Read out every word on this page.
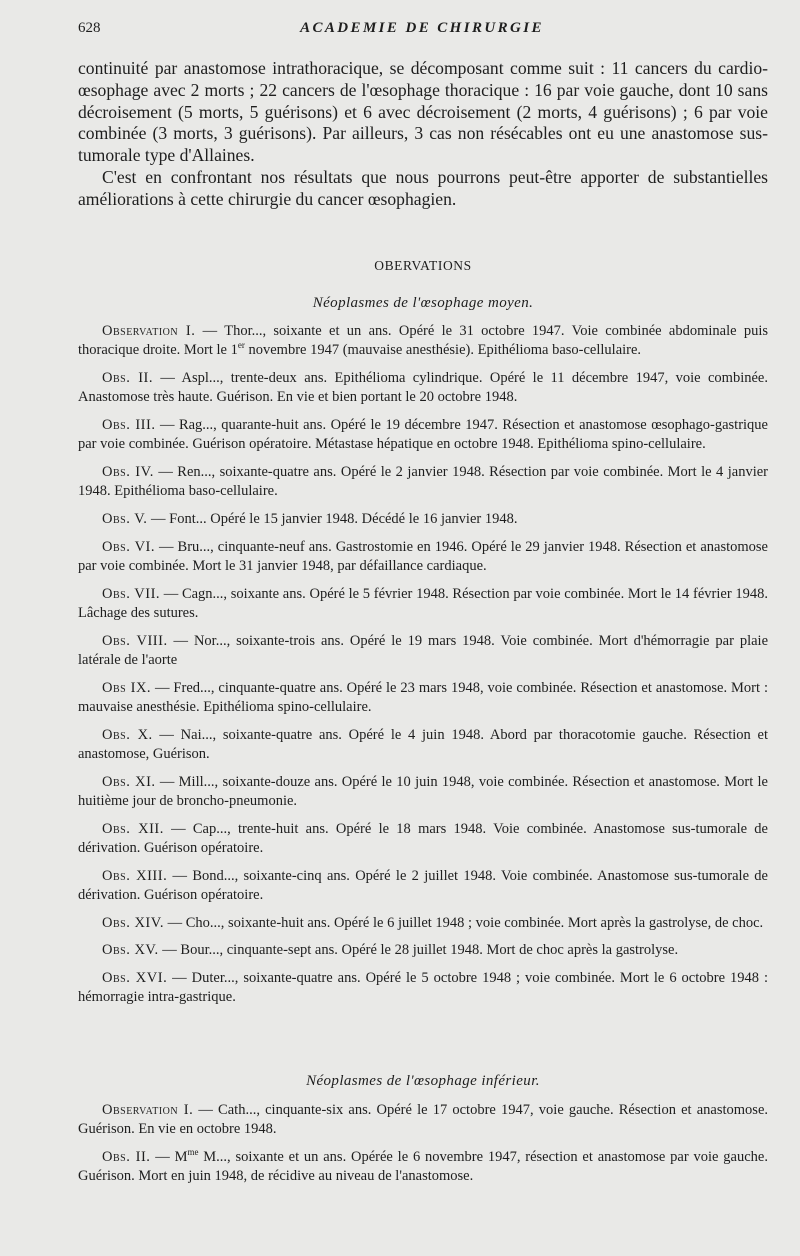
628	ACADEMIE DE CHIRURGIE

continuité par anastomose intrathoracique, se décomposant comme suit : 11 cancers du cardio-œsophage avec 2 morts ; 22 cancers de l'œsophage thoracique : 16 par voie gauche, dont 10 sans décroisement (5 morts, 5 guérisons) et 6 avec décroisement (2 morts, 4 guérisons) ; 6 par voie combinée (3 morts, 3 guérisons). Par ailleurs, 3 cas non résécables ont eu une anastomose sus-tumorale type d'Allaines.

C'est en confrontant nos résultats que nous pourrons peut-être apporter de substantielles améliorations à cette chirurgie du cancer œsophagien.

OBERVATIONS
Néoplasmes de l'œsophage moyen.

Observation I. — Thor..., soixante et un ans. Opéré le 31 octobre 1947. Voie combinée abdominale puis thoracique droite. Mort le 1er novembre 1947 (mauvaise anesthésie). Epithélioma baso-cellulaire.

Obs. II. — Aspl..., trente-deux ans. Epithélioma cylindrique. Opéré le 11 décembre 1947, voie combinée. Anastomose très haute. Guérison. En vie et bien portant le 20 octobre 1948.

Obs. III. — Rag..., quarante-huit ans. Opéré le 19 décembre 1947. Résection et anastomose œsophago-gastrique par voie combinée. Guérison opératoire. Métastase hépatique en octobre 1948. Epithélioma spino-cellulaire.

Obs. IV. — Ren..., soixante-quatre ans. Opéré le 2 janvier 1948. Résection par voie combinée. Mort le 4 janvier 1948. Epithélioma baso-cellulaire.

Obs. V. — Font... Opéré le 15 janvier 1948. Décédé le 16 janvier 1948.

Obs. VI. — Bru..., cinquante-neuf ans. Gastrostomie en 1946. Opéré le 29 janvier 1948. Résection et anastomose par voie combinée. Mort le 31 janvier 1948, par défaillance cardiaque.

Obs. VII. — Cagn..., soixante ans. Opéré le 5 février 1948. Résection par voie combinée. Mort le 14 février 1948. Lâchage des sutures.

Obs. VIII. — Nor..., soixante-trois ans. Opéré le 19 mars 1948. Voie combinée. Mort d'hémorragie par plaie latérale de l'aorte

Obs IX. — Fred..., cinquante-quatre ans. Opéré le 23 mars 1948, voie combinée. Résection et anastomose. Mort : mauvaise anesthésie. Epithélioma spino-cellulaire.

Obs. X. — Nai..., soixante-quatre ans. Opéré le 4 juin 1948. Abord par thoracotomie gauche. Résection et anastomose, Guérison.

Obs. XI. — Mill..., soixante-douze ans. Opéré le 10 juin 1948, voie combinée. Résection et anastomose. Mort le huitième jour de broncho-pneumonie.

Obs. XII. — Cap..., trente-huit ans. Opéré le 18 mars 1948. Voie combinée. Anastomose sus-tumorale de dérivation. Guérison opératoire.

Obs. XIII. — Bond..., soixante-cinq ans. Opéré le 2 juillet 1948. Voie combinée. Anastomose sus-tumorale de dérivation. Guérison opératoire.

Obs. XIV. — Cho..., soixante-huit ans. Opéré le 6 juillet 1948 ; voie combinée. Mort après la gastrolyse, de choc.

Obs. XV. — Bour..., cinquante-sept ans. Opéré le 28 juillet 1948. Mort de choc après la gastrolyse.

Obs. XVI. — Duter..., soixante-quatre ans. Opéré le 5 octobre 1948 ; voie combinée. Mort le 6 octobre 1948 : hémorragie intra-gastrique.

Néoplasmes de l'œsophage inférieur.

Observation I. — Cath..., cinquante-six ans. Opéré le 17 octobre 1947, voie gauche. Résection et anastomose. Guérison. En vie en octobre 1948.

Obs. II. — $M^{me}$ M..., soixante et un ans. Opérée le 6 novembre 1947, résection et anastomose par voie gauche. Guérison. Mort en juin 1948, de récidive au niveau de l'anastomose.
